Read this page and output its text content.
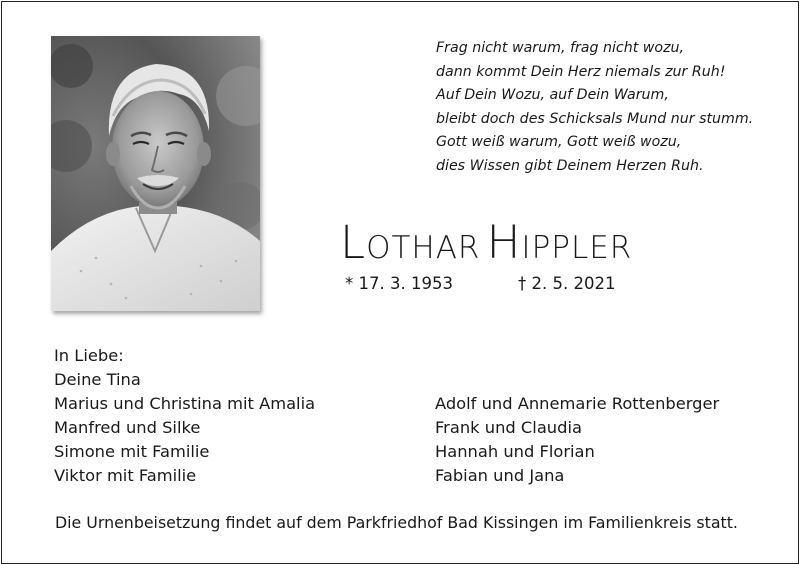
Frag nicht warum, frag nicht wozu,
dann kommt Dein Herz niemals zur Ruh!
Auf Dein Wozu, auf Dein Warum,
bleibt doch des Schicksals Mund nur stumm.
Gott weiß warum, Gott weiß wozu,
dies Wissen gibt Deinem Herzen Ruh.
LOTHAR HIPPLER
* 17. 3. 1953	† 2. 5. 2021
In Liebe:
Deine Tina
Marius und Christina mit Amalia
Manfred und Silke
Simone mit Familie
Viktor mit Familie
Adolf und Annemarie Rottenberger
Frank und Claudia
Hannah und Florian
Fabian und Jana
Die Urnenbeisetzung findet auf dem Parkfriedhof Bad Kissingen im Familienkreis statt.
